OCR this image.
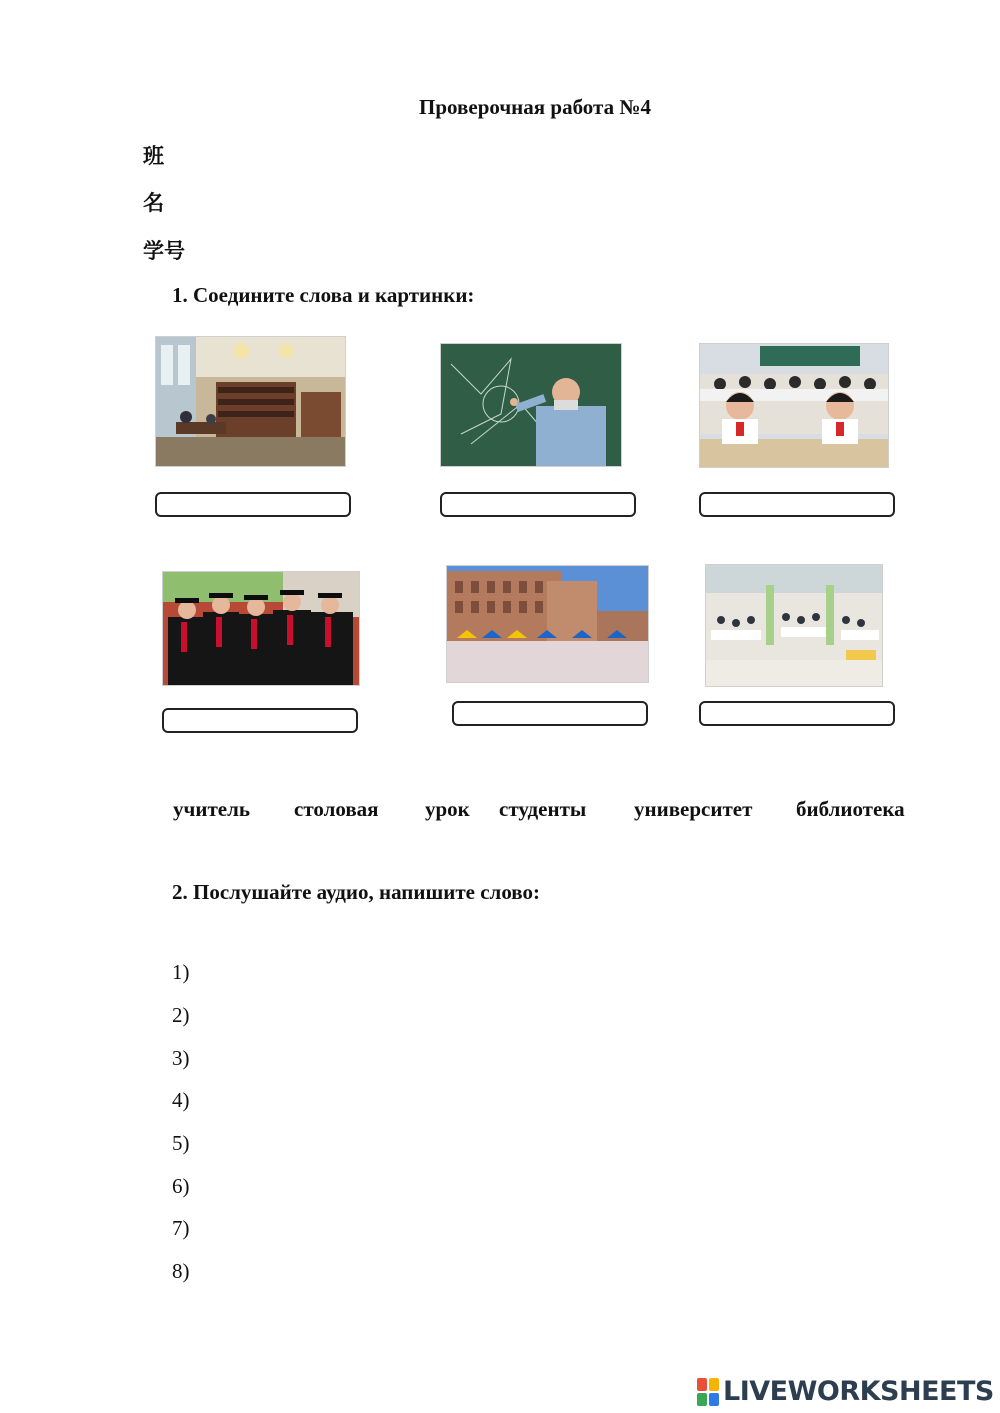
Проверочная работа №4
班
名
学号
1. Соедините слова и картинки:
учитель столовая урок студенты университет библиотека
2. Послушайте аудио, напишите слово:
1)
2)
3)
4)
5)
6)
7)
8)
LIVEWORKSHEETS
